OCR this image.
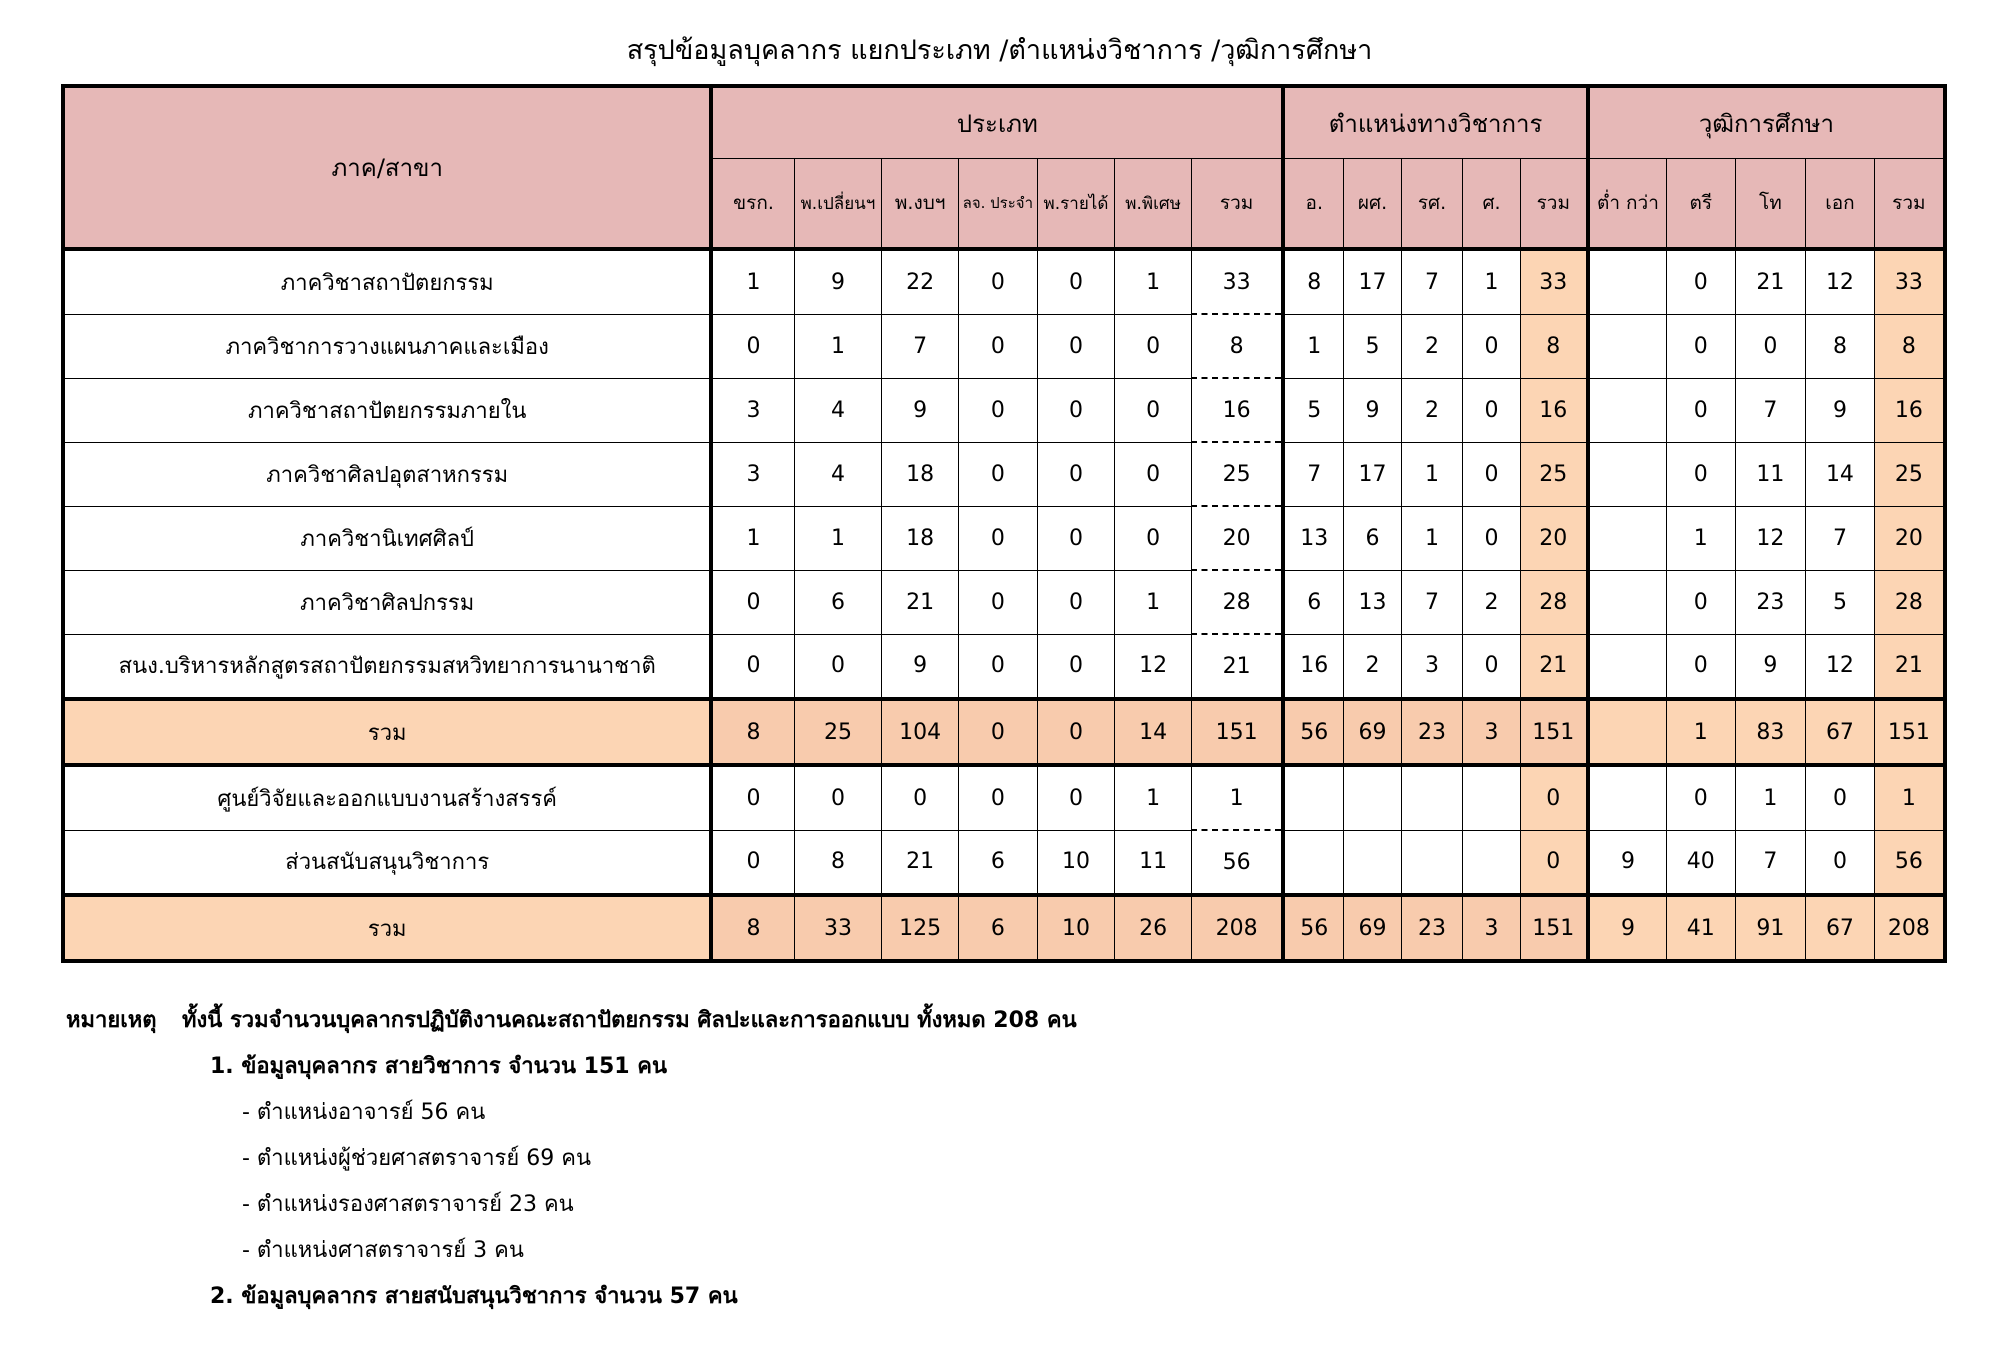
สรุปข้อมูลบุคลากร แยกประเภท /ตำแหน่งวิชาการ /วุฒิการศึกษา
ภาค/สาขา	ประเภท							ตำแหน่งทางวิชาการ					วุฒิการศึกษา				
	ขรก.	พ.เปลี่ยนฯ	พ.งบฯ	ลจ. ประจำ	พ.รายได้	พ.พิเศษ	รวม	อ.	ผศ.	รศ.	ศ.	รวม	ต่ำ กว่า	ตรี	โท	เอก	รวม
ภาควิชาสถาปัตยกรรม	1	9	22	0	0	1	33	8	17	7	1	33		0	21	12	33
ภาควิชาการวางแผนภาคและเมือง	0	1	7	0	0	0	8	1	5	2	0	8		0	0	8	8
ภาควิชาสถาปัตยกรรมภายใน	3	4	9	0	0	0	16	5	9	2	0	16		0	7	9	16
ภาควิชาศิลปอุตสาหกรรม	3	4	18	0	0	0	25	7	17	1	0	25		0	11	14	25
ภาควิชานิเทศศิลป์	1	1	18	0	0	0	20	13	6	1	0	20		1	12	7	20
ภาควิชาศิลปกรรม	0	6	21	0	0	1	28	6	13	7	2	28		0	23	5	28
สนง.บริหารหลักสูตรสถาปัตยกรรมสหวิทยาการนานาชาติ	0	0	9	0	0	12	21	16	2	3	0	21		0	9	12	21
รวม	8	25	104	0	0	14	151	56	69	23	3	151		1	83	67	151
ศูนย์วิจัยและออกแบบงานสร้างสรรค์	0	0	0	0	0	1	1					0		0	1	0	1
ส่วนสนับสนุนวิชาการ	0	8	21	6	10	11	56					0	9	40	7	0	56
รวม	8	33	125	6	10	26	208	56	69	23	3	151	9	41	91	67	208
หมายเหตุ ทั้งนี้ รวมจำนวนบุคลากรปฏิบัติงานคณะสถาปัตยกรรม ศิลปะและการออกแบบ ทั้งหมด 208 คน
1. ข้อมูลบุคลากร สายวิชาการ จำนวน 151 คน
- ตำแหน่งอาจารย์ 56 คน
- ตำแหน่งผู้ช่วยศาสตราจารย์ 69 คน
- ตำแหน่งรองศาสตราจารย์ 23 คน
- ตำแหน่งศาสตราจารย์ 3 คน
2. ข้อมูลบุคลากร สายสนับสนุนวิชาการ จำนวน 57 คน
